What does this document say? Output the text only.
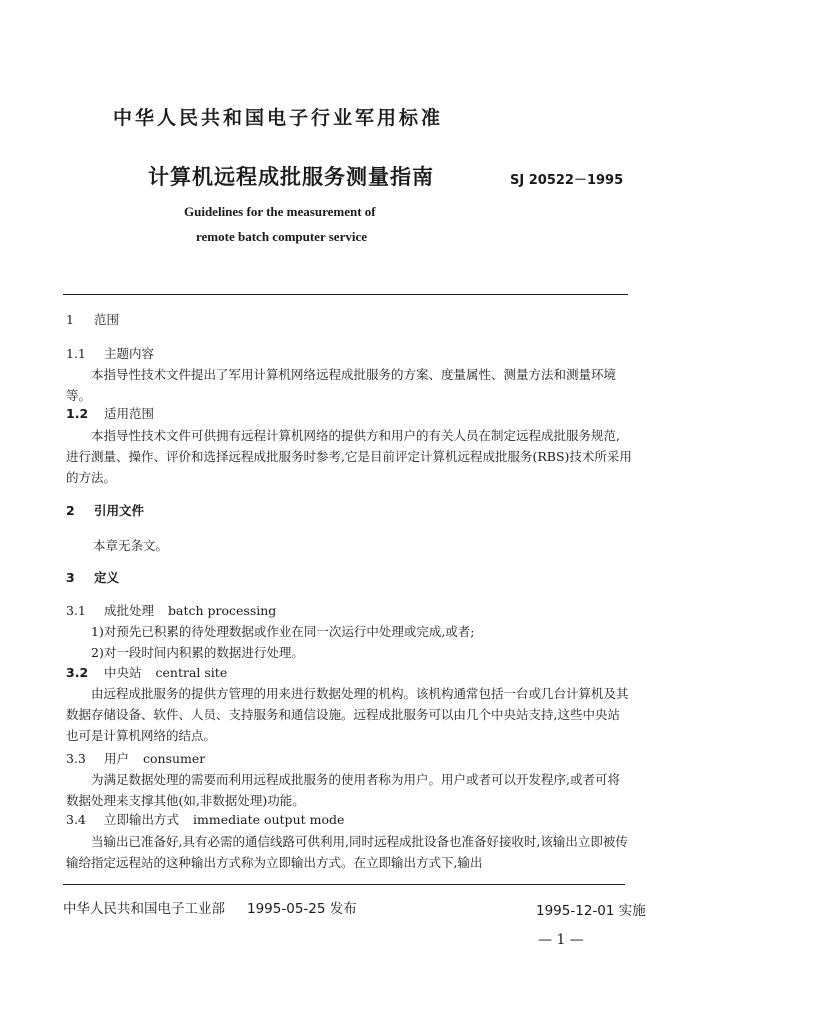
中华人民共和国电子行业军用标准
计算机远程成批服务测量指南	SJ 20522－1995
Guidelines for the measurement of
remote batch computer service
1 范围
1.1 主题内容
本指导性技术文件提出了军用计算机网络远程成批服务的方案、度量属性、测量方法和测量环境等。
1.2 适用范围
本指导性技术文件可供拥有远程计算机网络的提供方和用户的有关人员在制定远程成批服务规范,进行测量、操作、评价和选择远程成批服务时参考,它是目前评定计算机远程成批服务(RBS)技术所采用的方法。
2 引用文件
本章无条文。
3 定义
3.1 成批处理 batch processing
1)对预先已积累的待处理数据或作业在同一次运行中处理或完成,或者;
2)对一段时间内积累的数据进行处理。
3.2 中央站 central site
由远程成批服务的提供方管理的用来进行数据处理的机构。该机构通常包括一台或几台计算机及其数据存储设备、软件、人员、支持服务和通信设施。远程成批服务可以由几个中央站支持,这些中央站也可是计算机网络的结点。
3.3 用户 consumer
为满足数据处理的需要而利用远程成批服务的使用者称为用户。用户或者可以开发程序,或者可将数据处理来支撑其他(如,非数据处理)功能。
3.4 立即输出方式 immediate output mode
当输出已准备好,具有必需的通信线路可供利用,同时远程成批设备也准备好接收时,该输出立即被传输给指定远程站的这种输出方式称为立即输出方式。在立即输出方式下,输出
中华人民共和国电子工业部 1995-05-25 发布	1995-12-01 实施
— 1 —
